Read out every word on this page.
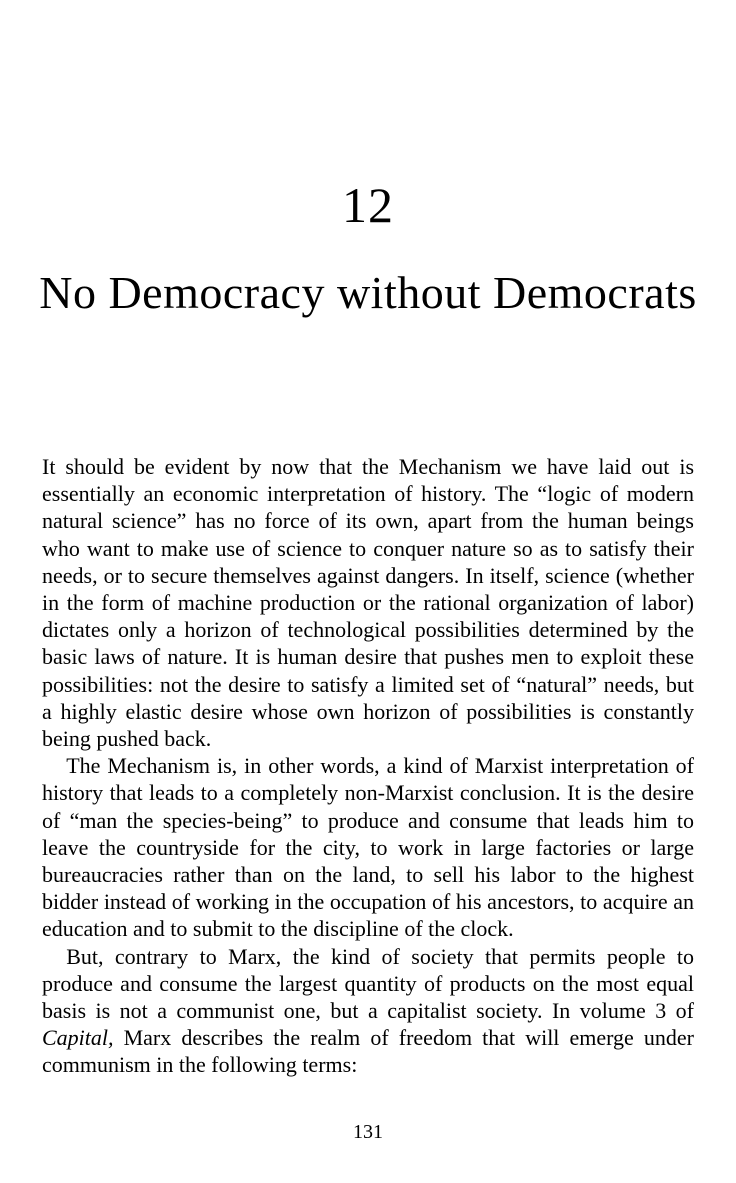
12
No Democracy without Democrats

It should be evident by now that the Mechanism we have laid out is essentially an economic interpretation of history. The “logic of modern natural science” has no force of its own, apart from the human beings who want to make use of science to conquer nature so as to satisfy their needs, or to secure themselves against dangers. In itself, science (whether in the form of machine production or the rational organization of labor) dictates only a horizon of technological possibilities determined by the basic laws of nature. It is human desire that pushes men to exploit these possibilities: not the desire to satisfy a limited set of “natural” needs, but a highly elastic desire whose own horizon of possibilities is constantly being pushed back.

The Mechanism is, in other words, a kind of Marxist interpretation of history that leads to a completely non-Marxist conclusion. It is the desire of “man the species-being” to produce and consume that leads him to leave the countryside for the city, to work in large factories or large bureaucracies rather than on the land, to sell his labor to the highest bidder instead of working in the occupation of his ancestors, to acquire an education and to submit to the discipline of the clock.

But, contrary to Marx, the kind of society that permits people to produce and consume the largest quantity of products on the most equal basis is not a communist one, but a capitalist society. In volume 3 of Capital, Marx describes the realm of freedom that will emerge under communism in the following terms:

131
